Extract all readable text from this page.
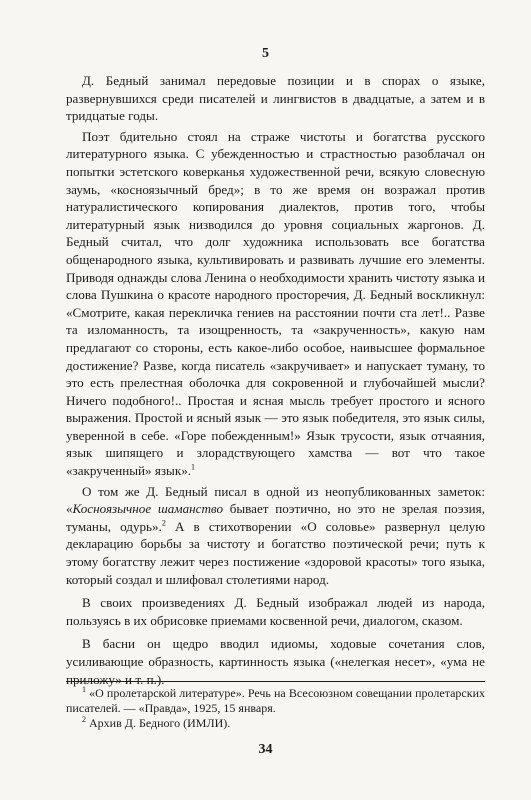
5

Д. Бедный занимал передовые позиции и в спорах о языке, развернувшихся среди писателей и лингвистов в двадцатые, а затем и в тридцатые годы.

Поэт бдительно стоял на страже чистоты и богатства русского литературного языка. С убежденностью и страстностью разоблачал он попытки эстетского коверканья художественной речи, всякую словесную заумь, «косноязычный бред»; в то же время он возражал против натуралистического копирования диалектов, против того, чтобы литературный язык низводился до уровня социальных жаргонов. Д. Бедный считал, что долг художника использовать все богатства общенародного языка, культивировать и развивать лучшие его элементы. Приводя однажды слова Ленина о необходимости хранить чистоту языка и слова Пушкина о красоте народного просторечия, Д. Бедный воскликнул: «Смотрите, какая перекличка гениев на расстоянии почти ста лет!.. Разве та изломанность, та изощренность, та «закрученность», какую нам предлагают со стороны, есть какое-либо особое, наивысшее формальное достижение? Разве, когда писатель «закручивает» и напускает туману, то это есть прелестная оболочка для сокровенной и глубочайшей мысли? Ничего подобного!.. Простая и ясная мысль требует простого и ясного выражения. Простой и ясный язык — это язык победителя, это язык силы, уверенной в себе. «Горе побежденным!» Язык трусости, язык отчаяния, язык шипящего и злорадствующего хамства — вот что такое «закрученный» язык».$^1$

О том же Д. Бедный писал в одной из неопубликованных заметок: «Косноязычное шаманство бывает поэтично, но это не зрелая поэзия, туманы, одурь».$^2$ А в стихотворении «О соловье» развернул целую декларацию борьбы за чистоту и богатство поэтической речи; путь к этому богатству лежит через постижение «здоровой красоты» того языка, который создал и шлифовал столетиями народ.

В своих произведениях Д. Бедный изображал людей из народа, пользуясь в их обрисовке приемами косвенной речи, диалогом, сказом.

В басни он щедро вводил идиомы, ходовые сочетания слов, усиливающие образность, картинность языка («нелегкая несет», «ума не приложу» и т. п.).

$^1$ «О пролетарской литературе». Речь на Всесоюзном совещании пролетарских писателей. — «Правда», 1925, 15 января.

$^2$ Архив Д. Бедного (ИМЛИ).

34
